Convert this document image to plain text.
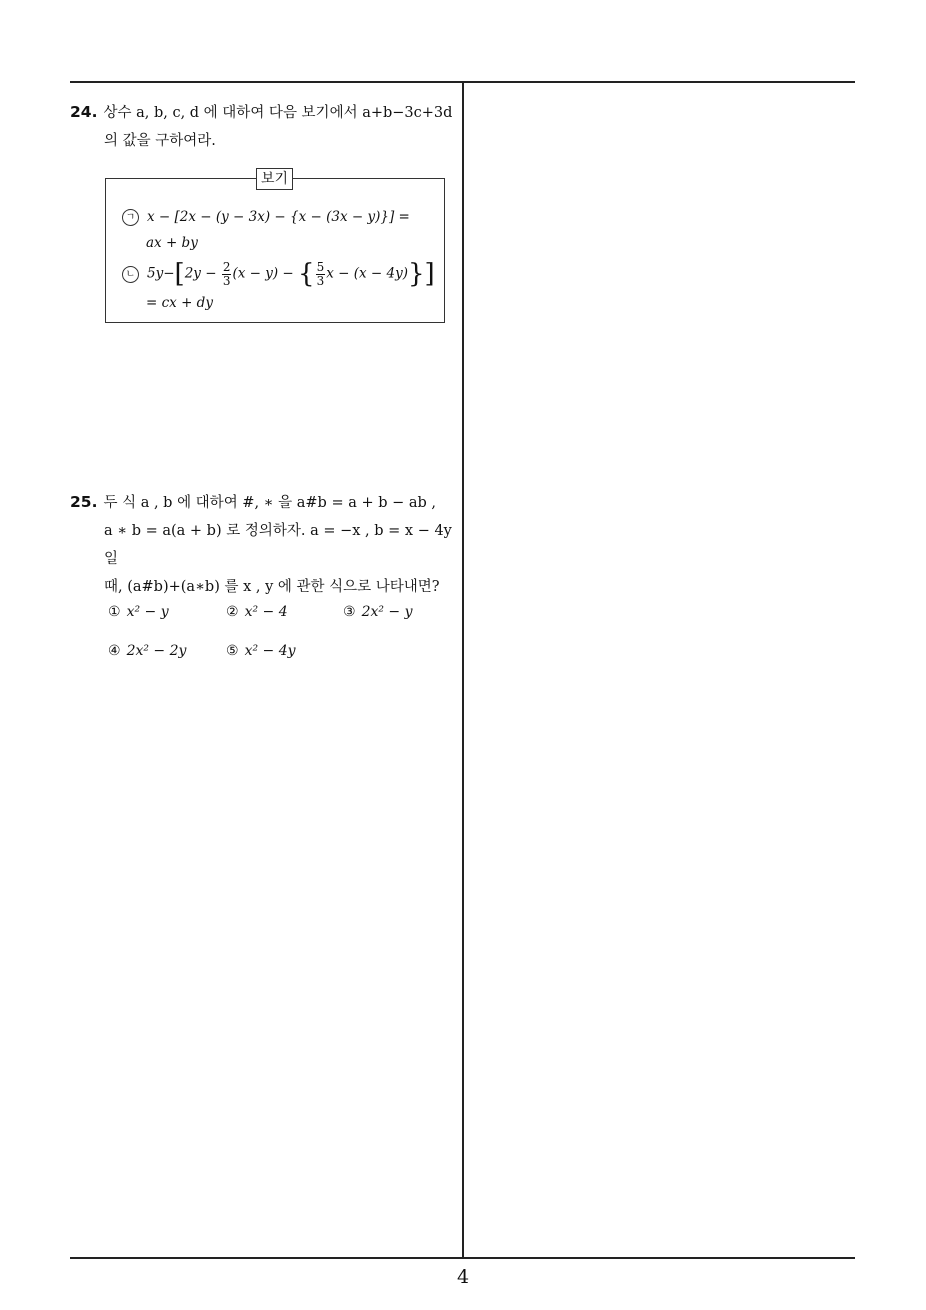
24. 상수 a, b, c, d 에 대하여 다음 보기에서 a+b−3c+3d
의 값을 구하여라.
보기
ㄱ x − [2x − (y − 3x) − {x − (3x − y)}] =
ax + by
ㄴ $5y-[2y - \frac{2}{3} (x - y)$ − { $\frac{5}{3}$ x − (x − 4y)}]
= cx + dy
25. 두 식 a , b 에 대하여 #, ∗ 을 a#b = a + b − ab ,
a ∗ b = a(a + b) 로 정의하자. a = −x , b = x − 4y 일
때, (a#b)+(a∗b) 를 x , y 에 관한 식으로 나타내면?
① x² − y	② x² − 4	③ 2x² − y
④ 2x² − 2y	⑤ x² − 4y
4
